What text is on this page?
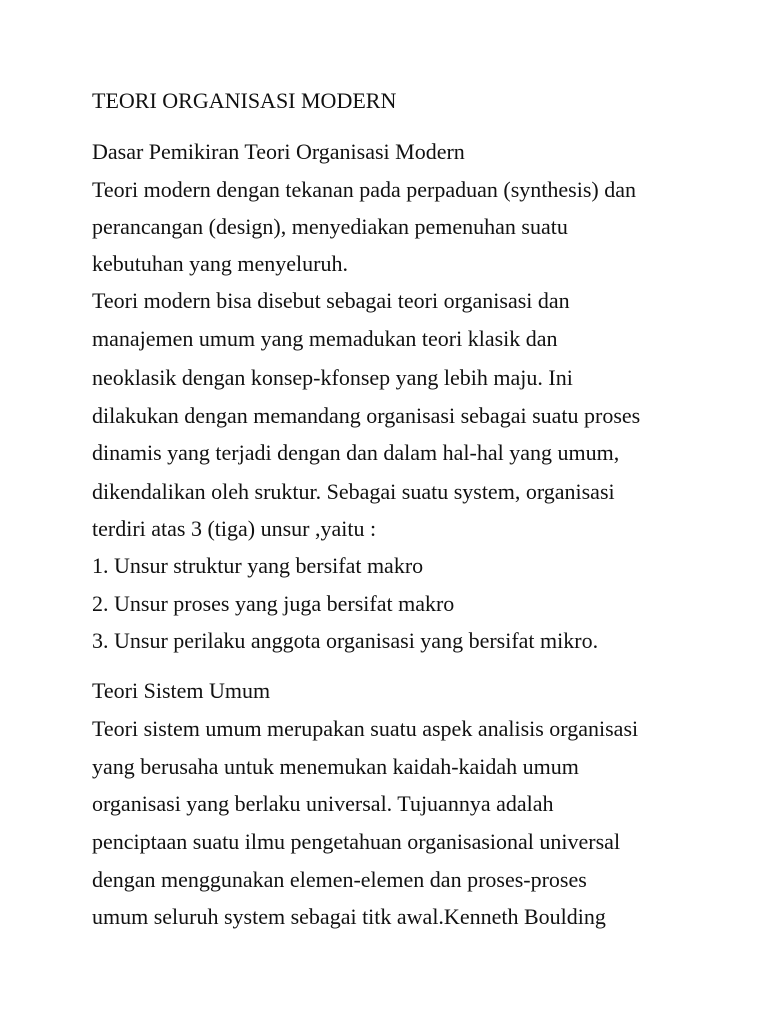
TEORI ORGANISASI MODERN
Dasar Pemikiran Teori Organisasi Modern
Teori modern dengan tekanan pada perpaduan (synthesis) dan
perancangan (design), menyediakan pemenuhan suatu
kebutuhan yang menyeluruh.
Teori modern bisa disebut sebagai teori organisasi dan
manajemen umum yang memadukan teori klasik dan
neoklasik dengan konsep-kfonsep yang lebih maju. Ini
dilakukan dengan memandang organisasi sebagai suatu proses
dinamis yang terjadi dengan dan dalam hal-hal yang umum,
dikendalikan oleh sruktur. Sebagai suatu system, organisasi
terdiri atas 3 (tiga) unsur ,yaitu :
1. Unsur struktur yang bersifat makro
2. Unsur proses yang juga bersifat makro
3. Unsur perilaku anggota organisasi yang bersifat mikro.
Teori Sistem Umum
Teori sistem umum merupakan suatu aspek analisis organisasi
yang berusaha untuk menemukan kaidah-kaidah umum
organisasi yang berlaku universal. Tujuannya adalah
penciptaan suatu ilmu pengetahuan organisasional universal
dengan menggunakan elemen-elemen dan proses-proses
umum seluruh system sebagai titk awal.Kenneth Boulding
